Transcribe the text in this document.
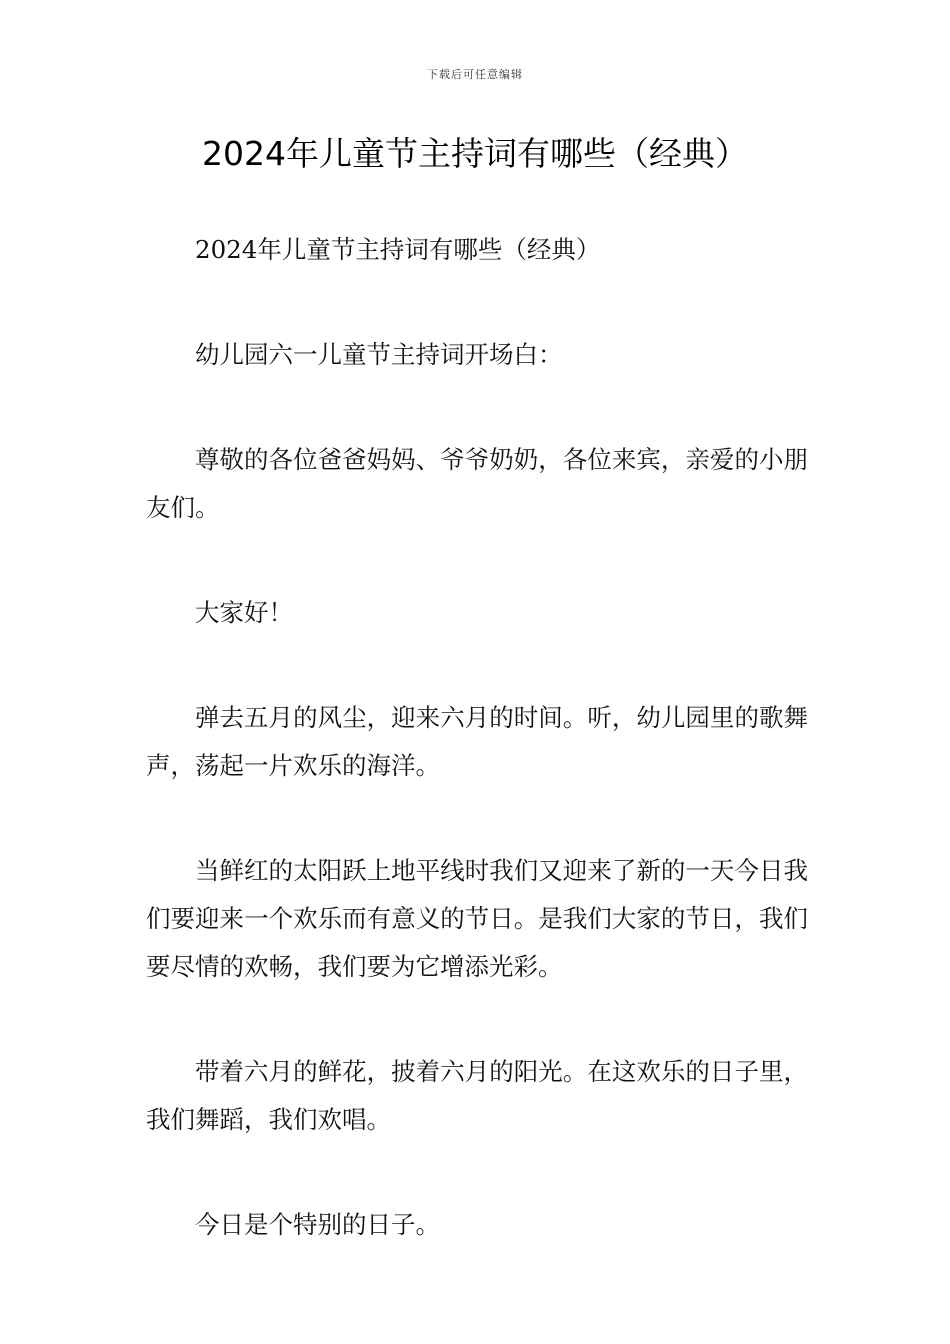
下载后可任意编辑
2024年儿童节主持词有哪些（经典）

2024年儿童节主持词有哪些（经典）

幼儿园六一儿童节主持词开场白：

尊敬的各位爸爸妈妈、爷爷奶奶，各位来宾，亲爱的小朋友们。

大家好！

弹去五月的风尘，迎来六月的时间。听，幼儿园里的歌舞声，荡起一片欢乐的海洋。

当鲜红的太阳跃上地平线时我们又迎来了新的一天今日我们要迎来一个欢乐而有意义的节日。是我们大家的节日，我们要尽情的欢畅，我们要为它增添光彩。

带着六月的鲜花，披着六月的阳光。在这欢乐的日子里，我们舞蹈，我们欢唱。

今日是个特别的日子。
